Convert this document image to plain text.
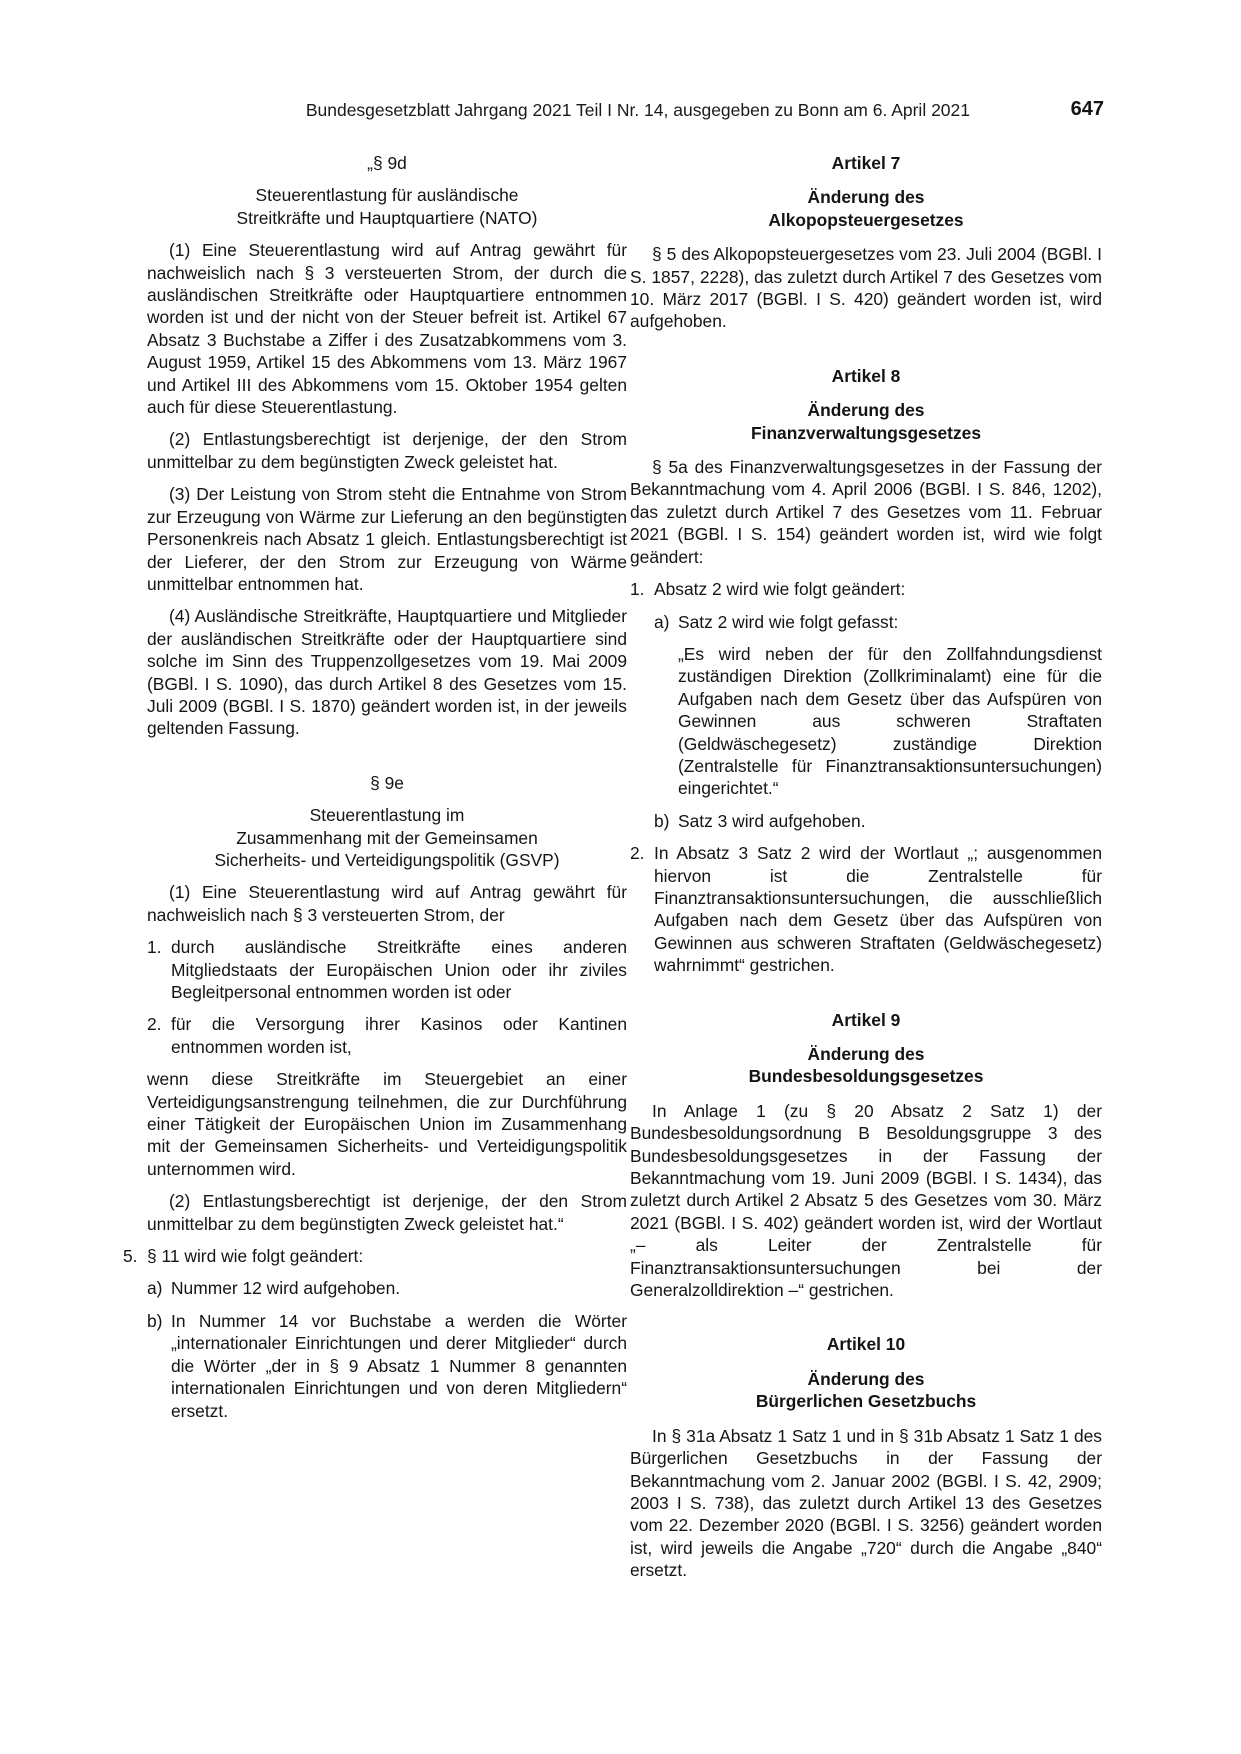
Bundesgesetzblatt Jahrgang 2021 Teil I Nr. 14, ausgegeben zu Bonn am 6. April 2021	647
„§ 9d
Steuerentlastung für ausländische
Streitkräfte und Hauptquartiere (NATO)

(1) Eine Steuerentlastung wird auf Antrag gewährt für nachweislich nach § 3 versteuerten Strom, der durch die ausländischen Streitkräfte oder Hauptquartiere entnommen worden ist und der nicht von der Steuer befreit ist. Artikel 67 Absatz 3 Buchstabe a Ziffer i des Zusatzabkommens vom 3. August 1959, Artikel 15 des Abkommens vom 13. März 1967 und Artikel III des Abkommens vom 15. Oktober 1954 gelten auch für diese Steuerentlastung.

(2) Entlastungsberechtigt ist derjenige, der den Strom unmittelbar zu dem begünstigten Zweck geleistet hat.

(3) Der Leistung von Strom steht die Entnahme von Strom zur Erzeugung von Wärme zur Lieferung an den begünstigten Personenkreis nach Absatz 1 gleich. Entlastungsberechtigt ist der Lieferer, der den Strom zur Erzeugung von Wärme unmittelbar entnommen hat.

(4) Ausländische Streitkräfte, Hauptquartiere und Mitglieder der ausländischen Streitkräfte oder der Hauptquartiere sind solche im Sinn des Truppenzollgesetzes vom 19. Mai 2009 (BGBl. I S. 1090), das durch Artikel 8 des Gesetzes vom 15. Juli 2009 (BGBl. I S. 1870) geändert worden ist, in der jeweils geltenden Fassung.

§ 9e
Steuerentlastung im
Zusammenhang mit der Gemeinsamen
Sicherheits- und Verteidigungspolitik (GSVP)

(1) Eine Steuerentlastung wird auf Antrag gewährt für nachweislich nach § 3 versteuerten Strom, der

1. durch ausländische Streitkräfte eines anderen Mitgliedstaats der Europäischen Union oder ihr ziviles Begleitpersonal entnommen worden ist oder
2. für die Versorgung ihrer Kasinos oder Kantinen entnommen worden ist,

wenn diese Streitkräfte im Steuergebiet an einer Verteidigungsanstrengung teilnehmen, die zur Durchführung einer Tätigkeit der Europäischen Union im Zusammenhang mit der Gemeinsamen Sicherheits- und Verteidigungspolitik unternommen wird.

(2) Entlastungsberechtigt ist derjenige, der den Strom unmittelbar zu dem begünstigten Zweck geleistet hat.“

5. § 11 wird wie folgt geändert:
a) Nummer 12 wird aufgehoben.
b) In Nummer 14 vor Buchstabe a werden die Wörter „internationaler Einrichtungen und derer Mitglieder“ durch die Wörter „der in § 9 Absatz 1 Nummer 8 genannten internationalen Einrichtungen und von deren Mitgliedern“ ersetzt.
Artikel 7
Änderung des
Alkopopsteuergesetzes

§ 5 des Alkopopsteuergesetzes vom 23. Juli 2004 (BGBl. I S. 1857, 2228), das zuletzt durch Artikel 7 des Gesetzes vom 10. März 2017 (BGBl. I S. 420) geändert worden ist, wird aufgehoben.

Artikel 8
Änderung des
Finanzverwaltungsgesetzes

§ 5a des Finanzverwaltungsgesetzes in der Fassung der Bekanntmachung vom 4. April 2006 (BGBl. I S. 846, 1202), das zuletzt durch Artikel 7 des Gesetzes vom 11. Februar 2021 (BGBl. I S. 154) geändert worden ist, wird wie folgt geändert:

1. Absatz 2 wird wie folgt geändert:
a) Satz 2 wird wie folgt gefasst:

„Es wird neben der für den Zollfahndungsdienst zuständigen Direktion (Zollkriminalamt) eine für die Aufgaben nach dem Gesetz über das Aufspüren von Gewinnen aus schweren Straftaten (Geldwäschegesetz) zuständige Direktion (Zentralstelle für Finanztransaktionsuntersuchungen) eingerichtet.“

b) Satz 3 wird aufgehoben.
2. In Absatz 3 Satz 2 wird der Wortlaut „; ausgenommen hiervon ist die Zentralstelle für Finanztransaktionsuntersuchungen, die ausschließlich Aufgaben nach dem Gesetz über das Aufspüren von Gewinnen aus schweren Straftaten (Geldwäschegesetz) wahrnimmt“ gestrichen.
Artikel 9
Änderung des
Bundesbesoldungsgesetzes

In Anlage 1 (zu § 20 Absatz 2 Satz 1) der Bundesbesoldungsordnung B Besoldungsgruppe 3 des Bundesbesoldungsgesetzes in der Fassung der Bekanntmachung vom 19. Juni 2009 (BGBl. I S. 1434), das zuletzt durch Artikel 2 Absatz 5 des Gesetzes vom 30. März 2021 (BGBl. I S. 402) geändert worden ist, wird der Wortlaut „– als Leiter der Zentralstelle für Finanztransaktionsuntersuchungen bei der Generalzolldirektion –“ gestrichen.

Artikel 10
Änderung des
Bürgerlichen Gesetzbuchs

In § 31a Absatz 1 Satz 1 und in § 31b Absatz 1 Satz 1 des Bürgerlichen Gesetzbuchs in der Fassung der Bekanntmachung vom 2. Januar 2002 (BGBl. I S. 42, 2909; 2003 I S. 738), das zuletzt durch Artikel 13 des Gesetzes vom 22. Dezember 2020 (BGBl. I S. 3256) geändert worden ist, wird jeweils die Angabe „720“ durch die Angabe „840“ ersetzt.
